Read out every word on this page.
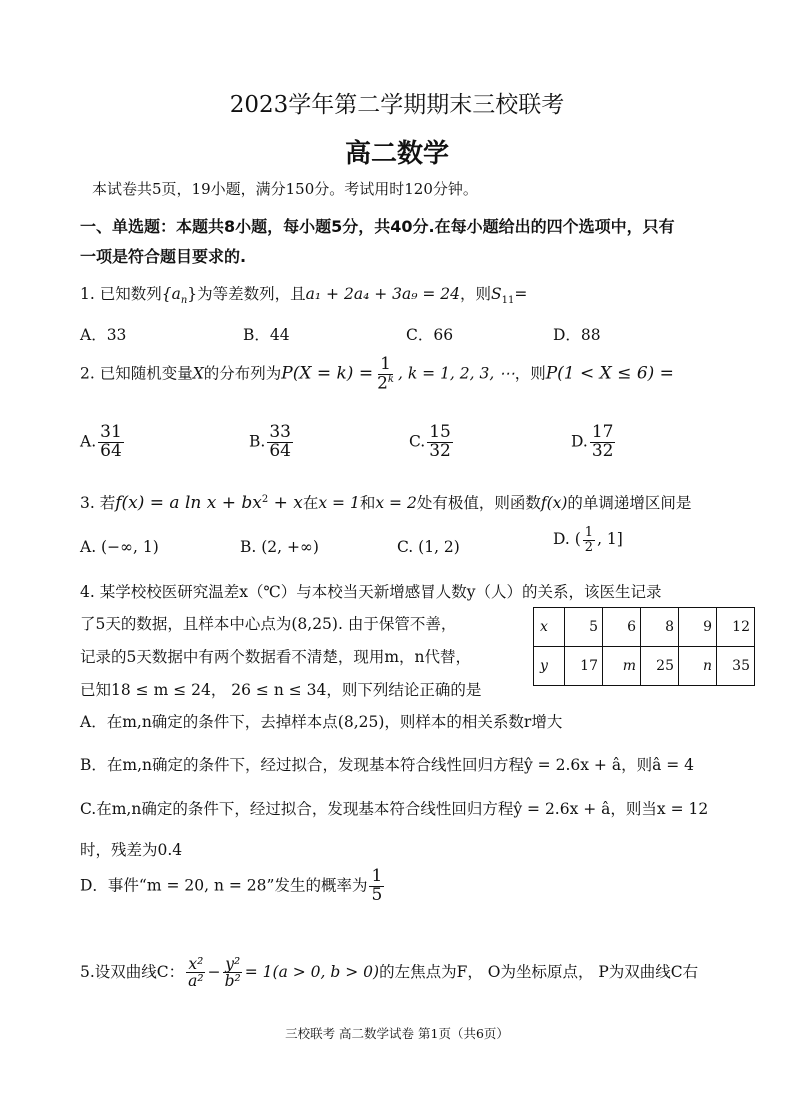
2023学年第二学期期末三校联考
高二数学
本试卷共5页，19小题，满分150分。考试用时120分钟。
一、单选题：本题共8小题，每小题5分，共40分.在每小题给出的四个选项中，只有
一项是符合题目要求的.
1. 已知数列$\{a_n\}$为等差数列，且a₁ + 2a₄ + 3a₉ = 24，则$S_{11}=$
A．33	B．44	C．66	D．88
2. 已知随机变量X的分布列为$P(X = k) = \frac{1}{2^k}$ , k = 1, 2, 3, ⋯，则P(1 < X ≤ 6) =
A. $\frac{31}{64}$	B. $\frac{33}{64}$	C. $\frac{15}{32}$	D. $\frac{17}{32}$
3. 若f(x) = a $\ln x + bx^2 + x$在x = 1和x = 2处有极值，则函数f(x)的单调递增区间是
A. (−∞, 1)	B. (2, +∞)	C. (1, 2)	D. ( $\frac{1}{2}$ , 1]
4. 某学校校医研究温差x（℃）与本校当天新增感冒人数y（人）的关系，该医生记录
了5天的数据，且样本中心点为(8,25). 由于保管不善，
记录的5天数据中有两个数据看不清楚，现用m，n代替，
已知18 ≤ m ≤ 24， 26 ≤ n ≤ 34，则下列结论正确的是
x	5	6	8	9	12
y	17	m	25	n	35
A．在m,n确定的条件下，去掉样本点(8,25)，则样本的相关系数r增大
B．在m,n确定的条件下，经过拟合，发现基本符合线性回归方程ŷ = 2.6x + â，则â = 4
C.在m,n确定的条件下，经过拟合，发现基本符合线性回归方程ŷ = 2.6x + â，则当x = 12
时，残差为0.4
D．事件“m = 20, n = 28”发生的概率为 $\frac{1}{5}$
5.设双曲线C： $\frac{\text{x²}}{\text{a²}} - \frac{\text{y²}}{\text{b²}} = 1(a > 0$, b > 0)的左焦点为F， O为坐标原点， P为双曲线C右
三校联考 高二数学试卷 第1页（共6页）
